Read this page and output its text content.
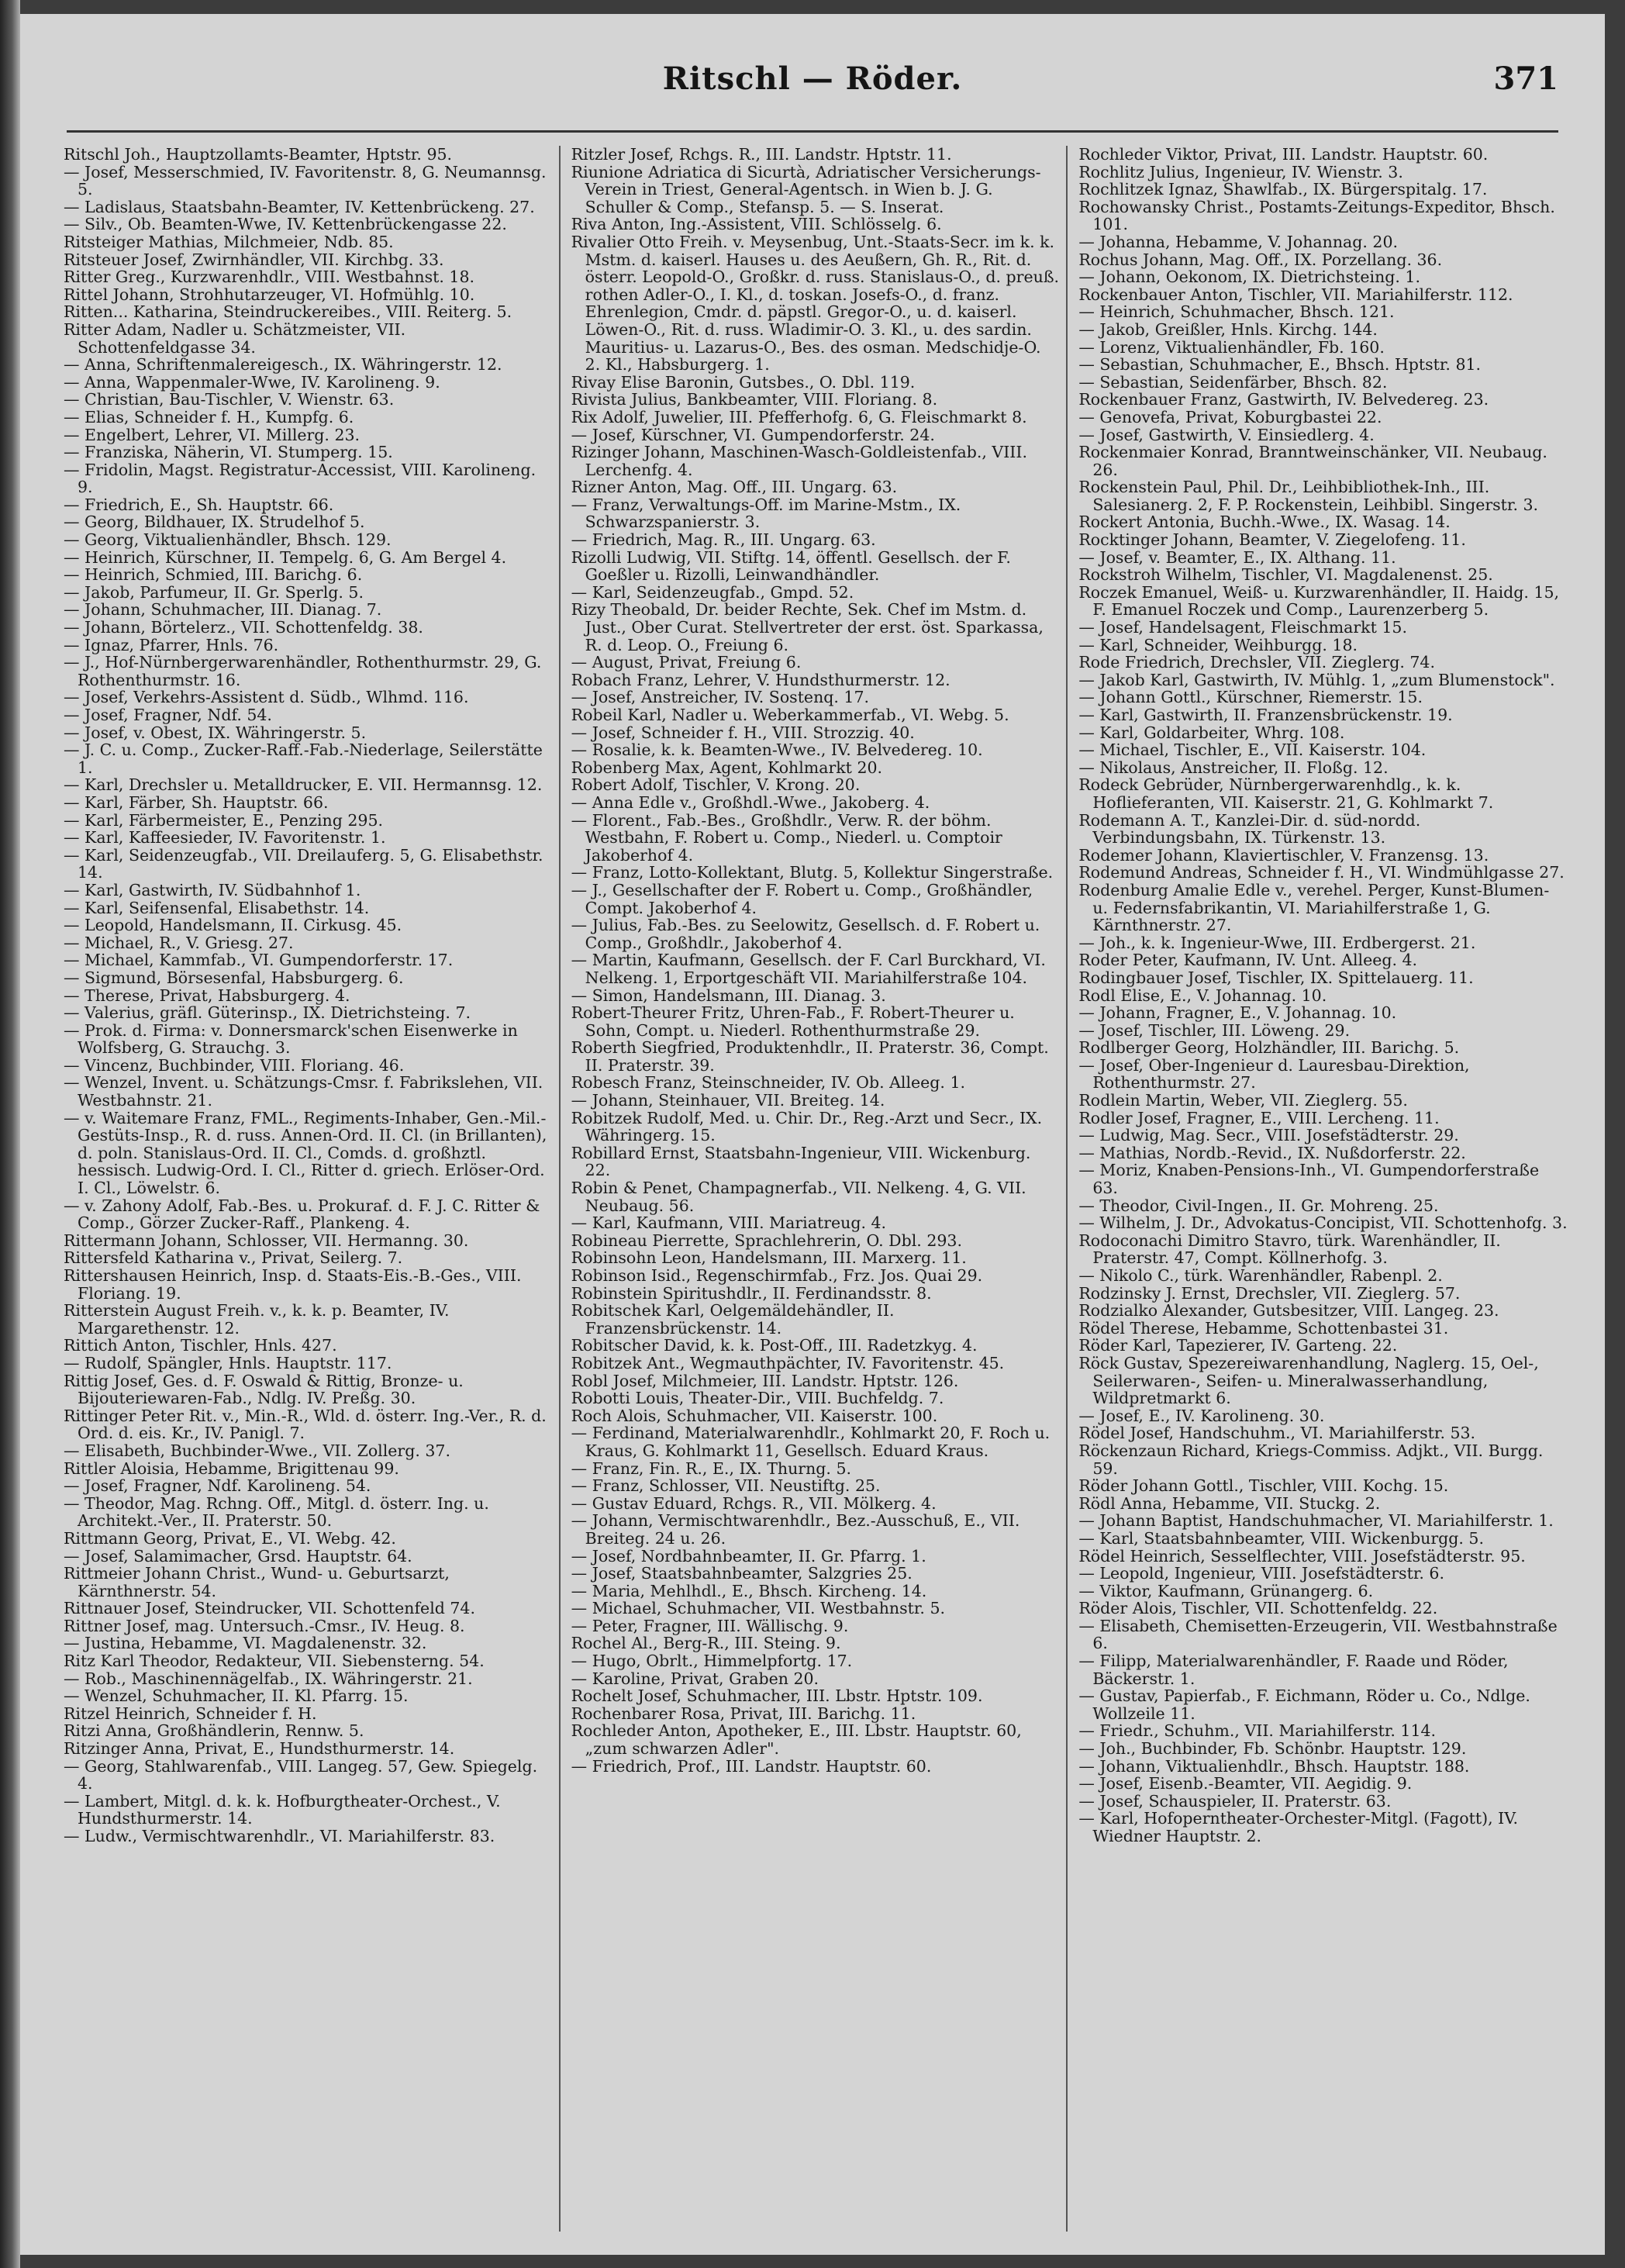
Ritschl — Röder.	371

Ritschl Joh., Hauptzollamts-Beamter, Hptstr. 95.

— Josef, Messerschmied, IV. Favoritenstr. 8, G. Neumannsg. 5.

— Ladislaus, Staatsbahn-Beamter, IV. Kettenbrückeng. 27.

— Silv., Ob. Beamten-Wwe, IV. Kettenbrückengasse 22.

Ritsteiger Mathias, Milchmeier, Ndb. 85.

Ritsteuer Josef, Zwirnhändler, VII. Kirchbg. 33.

Ritter Greg., Kurzwarenhdlr., VIII. Westbahnst. 18.

Rittel Johann, Strohhutarzeuger, VI. Hofmühlg. 10.

Ritten... Katharina, Steindruckereibes., VIII. Reiterg. 5.

Ritter Adam, Nadler u. Schätzmeister, VII. Schottenfeldgasse 34.

— Anna, Schriftenmalereigesch., IX. Währingerstr. 12.

— Anna, Wappenmaler-Wwe, IV. Karolineng. 9.

— Christian, Bau-Tischler, V. Wienstr. 63.

— Elias, Schneider f. H., Kumpfg. 6.

— Engelbert, Lehrer, VI. Millerg. 23.

— Franziska, Näherin, VI. Stumperg. 15.

— Fridolin, Magst. Registratur-Accessist, VIII. Karolineng. 9.

— Friedrich, E., Sh. Hauptstr. 66.

— Georg, Bildhauer, IX. Strudelhof 5.

— Georg, Viktualienhändler, Bhsch. 129.

— Heinrich, Kürschner, II. Tempelg. 6, G. Am Bergel 4.

— Heinrich, Schmied, III. Barichg. 6.

— Jakob, Parfumeur, II. Gr. Sperlg. 5.

— Johann, Schuhmacher, III. Dianag. 7.

— Johann, Börtelerz., VII. Schottenfeldg. 38.

— Ignaz, Pfarrer, Hnls. 76.

— J., Hof-Nürnbergerwarenhändler, Rothenthurmstr. 29, G. Rothenthurmstr. 16.

— Josef, Verkehrs-Assistent d. Südb., Wlhmd. 116.

— Josef, Fragner, Ndf. 54.

— Josef, v. Obest, IX. Währingerstr. 5.

— J. C. u. Comp., Zucker-Raff.-Fab.-Niederlage, Seilerstätte 1.

— Karl, Drechsler u. Metalldrucker, E. VII. Hermannsg. 12.

— Karl, Färber, Sh. Hauptstr. 66.

— Karl, Färbermeister, E., Penzing 295.

— Karl, Kaffeesieder, IV. Favoritenstr. 1.

— Karl, Seidenzeugfab., VII. Dreilauferg. 5, G. Elisabethstr. 14.

— Karl, Gastwirth, IV. Südbahnhof 1.

— Karl, Seifensenfal, Elisabethstr. 14.

— Leopold, Handelsmann, II. Cirkusg. 45.

— Michael, R., V. Griesg. 27.

— Michael, Kammfab., VI. Gumpendorferstr. 17.

— Sigmund, Börsesenfal, Habsburgerg. 6.

— Therese, Privat, Habsburgerg. 4.

— Valerius, gräfl. Güterinsp., IX. Dietrichsteing. 7.

— Prok. d. Firma: v. Donnersmarck'schen Eisenwerke in Wolfsberg, G. Strauchg. 3.

— Vincenz, Buchbinder, VIII. Floriang. 46.

— Wenzel, Invent. u. Schätzungs-Cmsr. f. Fabrikslehen, VII. Westbahnstr. 21.

— v. Waitemare Franz, FML., Regiments-Inhaber, Gen.-Mil.-Gestüts-Insp., R. d. russ. Annen-Ord. II. Cl. (in Brillanten), d. poln. Stanislaus-Ord. II. Cl., Comds. d. großhztl. hessisch. Ludwig-Ord. I. Cl., Ritter d. griech. Erlöser-Ord. I. Cl., Löwelstr. 6.

— v. Zahony Adolf, Fab.-Bes. u. Prokuraf. d. F. J. C. Ritter & Comp., Görzer Zucker-Raff., Plankeng. 4.

Rittermann Johann, Schlosser, VII. Hermanng. 30.

Rittersfeld Katharina v., Privat, Seilerg. 7.

Rittershausen Heinrich, Insp. d. Staats-Eis.-B.-Ges., VIII. Floriang. 19.

Ritterstein August Freih. v., k. k. p. Beamter, IV. Margarethenstr. 12.

Rittich Anton, Tischler, Hnls. 427.

— Rudolf, Spängler, Hnls. Hauptstr. 117.

Rittig Josef, Ges. d. F. Oswald & Rittig, Bronze- u. Bijouteriewaren-Fab., Ndlg. IV. Preßg. 30.

Rittinger Peter Rit. v., Min.-R., Wld. d. österr. Ing.-Ver., R. d. Ord. d. eis. Kr., IV. Panigl. 7.

— Elisabeth, Buchbinder-Wwe., VII. Zollerg. 37.

Rittler Aloisia, Hebamme, Brigittenau 99.

— Josef, Fragner, Ndf. Karolineng. 54.

— Theodor, Mag. Rchng. Off., Mitgl. d. österr. Ing. u. Architekt.-Ver., II. Praterstr. 50.

Rittmann Georg, Privat, E., VI. Webg. 42.

— Josef, Salamimacher, Grsd. Hauptstr. 64.

Rittmeier Johann Christ., Wund- u. Geburtsarzt, Kärnthnerstr. 54.

Rittnauer Josef, Steindrucker, VII. Schottenfeld 74.

Rittner Josef, mag. Untersuch.-Cmsr., IV. Heug. 8.

— Justina, Hebamme, VI. Magdalenenstr. 32.

Ritz Karl Theodor, Redakteur, VII. Siebensterng. 54.

— Rob., Maschinennägelfab., IX. Währingerstr. 21.

— Wenzel, Schuhmacher, II. Kl. Pfarrg. 15.

Ritzel Heinrich, Schneider f. H.

Ritzi Anna, Großhändlerin, Rennw. 5.

Ritzinger Anna, Privat, E., Hundsthurmerstr. 14.

— Georg, Stahlwarenfab., VIII. Langeg. 57, Gew. Spiegelg. 4.

— Lambert, Mitgl. d. k. k. Hofburgtheater-Orchest., V. Hundsthurmerstr. 14.

— Ludw., Vermischtwarenhdlr., VI. Mariahilferstr. 83.

Ritzler Josef, Rchgs. R., III. Landstr. Hptstr. 11.

Riunione Adriatica di Sicurtà, Adriatischer Versicherungs-Verein in Triest, General-Agentsch. in Wien b. J. G. Schuller & Comp., Stefansp. 5. — S. Inserat.

Riva Anton, Ing.-Assistent, VIII. Schlösselg. 6.

Rivalier Otto Freih. v. Meysenbug, Unt.-Staats-Secr. im k. k. Mstm. d. kaiserl. Hauses u. des Aeußern, Gh. R., Rit. d. österr. Leopold-O., Großkr. d. russ. Stanislaus-O., d. preuß. rothen Adler-O., I. Kl., d. toskan. Josefs-O., d. franz. Ehrenlegion, Cmdr. d. päpstl. Gregor-O., u. d. kaiserl. Löwen-O., Rit. d. russ. Wladimir-O. 3. Kl., u. des sardin. Mauritius- u. Lazarus-O., Bes. des osman. Medschidje-O. 2. Kl., Habsburgerg. 1.

Rivay Elise Baronin, Gutsbes., O. Dbl. 119.

Rivista Julius, Bankbeamter, VIII. Floriang. 8.

Rix Adolf, Juwelier, III. Pfefferhofg. 6, G. Fleischmarkt 8.

— Josef, Kürschner, VI. Gumpendorferstr. 24.

Rizinger Johann, Maschinen-Wasch-Goldleistenfab., VIII. Lerchenfg. 4.

Rizner Anton, Mag. Off., III. Ungarg. 63.

— Franz, Verwaltungs-Off. im Marine-Mstm., IX. Schwarzspanierstr. 3.

— Friedrich, Mag. R., III. Ungarg. 63.

Rizolli Ludwig, VII. Stiftg. 14, öffentl. Gesellsch. der F. Goeßler u. Rizolli, Leinwandhändler.

— Karl, Seidenzeugfab., Gmpd. 52.

Rizy Theobald, Dr. beider Rechte, Sek. Chef im Mstm. d. Just., Ober Curat. Stellvertreter der erst. öst. Sparkassa, R. d. Leop. O., Freiung 6.

— August, Privat, Freiung 6.

Robach Franz, Lehrer, V. Hundsthurmerstr. 12.

— Josef, Anstreicher, IV. Sostenq. 17.

Robeil Karl, Nadler u. Weberkammerfab., VI. Webg. 5.

— Josef, Schneider f. H., VIII. Strozzig. 40.

— Rosalie, k. k. Beamten-Wwe., IV. Belvedereg. 10.

Robenberg Max, Agent, Kohlmarkt 20.

Robert Adolf, Tischler, V. Krong. 20.

— Anna Edle v., Großhdl.-Wwe., Jakoberg. 4.

— Florent., Fab.-Bes., Großhdlr., Verw. R. der böhm. Westbahn, F. Robert u. Comp., Niederl. u. Comptoir Jakoberhof 4.

— Franz, Lotto-Kollektant, Blutg. 5, Kollektur Singerstraße.

— J., Gesellschafter der F. Robert u. Comp., Großhändler, Compt. Jakoberhof 4.

— Julius, Fab.-Bes. zu Seelowitz, Gesellsch. d. F. Robert u. Comp., Großhdlr., Jakoberhof 4.

— Martin, Kaufmann, Gesellsch. der F. Carl Burckhard, VI. Nelkeng. 1, Erportgeschäft VII. Mariahilferstraße 104.

— Simon, Handelsmann, III. Dianag. 3.

Robert-Theurer Fritz, Uhren-Fab., F. Robert-Theurer u. Sohn, Compt. u. Niederl. Rothenthurmstraße 29.

Roberth Siegfried, Produktenhdlr., II. Praterstr. 36, Compt. II. Praterstr. 39.

Robesch Franz, Steinschneider, IV. Ob. Alleeg. 1.

— Johann, Steinhauer, VII. Breiteg. 14.

Robitzek Rudolf, Med. u. Chir. Dr., Reg.-Arzt und Secr., IX. Währingerg. 15.

Robillard Ernst, Staatsbahn-Ingenieur, VIII. Wickenburg. 22.

Robin & Penet, Champagnerfab., VII. Nelkeng. 4, G. VII. Neubaug. 56.

— Karl, Kaufmann, VIII. Mariatreug. 4.

Robineau Pierrette, Sprachlehrerin, O. Dbl. 293.

Robinsohn Leon, Handelsmann, III. Marxerg. 11.

Robinson Isid., Regenschirmfab., Frz. Jos. Quai 29.

Robinstein Spiritushdlr., II. Ferdinandsstr. 8.

Robitschek Karl, Oelgemäldehändler, II. Franzensbrückenstr. 14.

Robitscher David, k. k. Post-Off., III. Radetzkyg. 4.

Robitzek Ant., Wegmauthpächter, IV. Favoritenstr. 45.

Robl Josef, Milchmeier, III. Landstr. Hptstr. 126.

Robotti Louis, Theater-Dir., VIII. Buchfeldg. 7.

Roch Alois, Schuhmacher, VII. Kaiserstr. 100.

— Ferdinand, Materialwarenhdlr., Kohlmarkt 20, F. Roch u. Kraus, G. Kohlmarkt 11, Gesellsch. Eduard Kraus.

— Franz, Fin. R., E., IX. Thurng. 5.

— Franz, Schlosser, VII. Neustiftg. 25.

— Gustav Eduard, Rchgs. R., VII. Mölkerg. 4.

— Johann, Vermischtwarenhdlr., Bez.-Ausschuß, E., VII. Breiteg. 24 u. 26.

— Josef, Nordbahnbeamter, II. Gr. Pfarrg. 1.

— Josef, Staatsbahnbeamter, Salzgries 25.

— Maria, Mehlhdl., E., Bhsch. Kircheng. 14.

— Michael, Schuhmacher, VII. Westbahnstr. 5.

— Peter, Fragner, III. Wällischg. 9.

Rochel Al., Berg-R., III. Steing. 9.

— Hugo, Obrlt., Himmelpfortg. 17.

— Karoline, Privat, Graben 20.

Rochelt Josef, Schuhmacher, III. Lbstr. Hptstr. 109.

Rochenbarer Rosa, Privat, III. Barichg. 11.

Rochleder Anton, Apotheker, E., III. Lbstr. Hauptstr. 60, „zum schwarzen Adler".

— Friedrich, Prof., III. Landstr. Hauptstr. 60.

Rochleder Viktor, Privat, III. Landstr. Hauptstr. 60.

Rochlitz Julius, Ingenieur, IV. Wienstr. 3.

Rochlitzek Ignaz, Shawlfab., IX. Bürgerspitalg. 17.

Rochowansky Christ., Postamts-Zeitungs-Expeditor, Bhsch. 101.

— Johanna, Hebamme, V. Johannag. 20.

Rochus Johann, Mag. Off., IX. Porzellang. 36.

— Johann, Oekonom, IX. Dietrichsteing. 1.

Rockenbauer Anton, Tischler, VII. Mariahilferstr. 112.

— Heinrich, Schuhmacher, Bhsch. 121.

— Jakob, Greißler, Hnls. Kirchg. 144.

— Lorenz, Viktualienhändler, Fb. 160.

— Sebastian, Schuhmacher, E., Bhsch. Hptstr. 81.

— Sebastian, Seidenfärber, Bhsch. 82.

Rockenbauer Franz, Gastwirth, IV. Belvedereg. 23.

— Genovefa, Privat, Koburgbastei 22.

— Josef, Gastwirth, V. Einsiedlerg. 4.

Rockenmaier Konrad, Branntweinschänker, VII. Neubaug. 26.

Rockenstein Paul, Phil. Dr., Leihbibliothek-Inh., III. Salesianerg. 2, F. P. Rockenstein, Leihbibl. Singerstr. 3.

Rockert Antonia, Buchh.-Wwe., IX. Wasag. 14.

Rocktinger Johann, Beamter, V. Ziegelofeng. 11.

— Josef, v. Beamter, E., IX. Althang. 11.

Rockstroh Wilhelm, Tischler, VI. Magdalenenst. 25.

Roczek Emanuel, Weiß- u. Kurzwarenhändler, II. Haidg. 15, F. Emanuel Roczek und Comp., Laurenzerberg 5.

— Josef, Handelsagent, Fleischmarkt 15.

— Karl, Schneider, Weihburgg. 18.

Rode Friedrich, Drechsler, VII. Zieglerg. 74.

— Jakob Karl, Gastwirth, IV. Mühlg. 1, „zum Blumenstock".

— Johann Gottl., Kürschner, Riemerstr. 15.

— Karl, Gastwirth, II. Franzensbrückenstr. 19.

— Karl, Goldarbeiter, Whrg. 108.

— Michael, Tischler, E., VII. Kaiserstr. 104.

— Nikolaus, Anstreicher, II. Floßg. 12.

Rodeck Gebrüder, Nürnbergerwarenhdlg., k. k. Hoflieferanten, VII. Kaiserstr. 21, G. Kohlmarkt 7.

Rodemann A. T., Kanzlei-Dir. d. süd-nordd. Verbindungsbahn, IX. Türkenstr. 13.

Rodemer Johann, Klaviertischler, V. Franzensg. 13.

Rodemund Andreas, Schneider f. H., VI. Windmühlgasse 27.

Rodenburg Amalie Edle v., verehel. Perger, Kunst-Blumen- u. Federnsfabrikantin, VI. Mariahilferstraße 1, G. Kärnthnerstr. 27.

— Joh., k. k. Ingenieur-Wwe, III. Erdbergerst. 21.

Roder Peter, Kaufmann, IV. Unt. Alleeg. 4.

Rodingbauer Josef, Tischler, IX. Spittelauerg. 11.

Rodl Elise, E., V. Johannag. 10.

— Johann, Fragner, E., V. Johannag. 10.

— Josef, Tischler, III. Löweng. 29.

Rodlberger Georg, Holzhändler, III. Barichg. 5.

— Josef, Ober-Ingenieur d. Lauresbau-Direktion, Rothenthurmstr. 27.

Rodlein Martin, Weber, VII. Zieglerg. 55.

Rodler Josef, Fragner, E., VIII. Lercheng. 11.

— Ludwig, Mag. Secr., VIII. Josefstädterstr. 29.

— Mathias, Nordb.-Revid., IX. Nußdorferstr. 22.

— Moriz, Knaben-Pensions-Inh., VI. Gumpendorferstraße 63.

— Theodor, Civil-Ingen., II. Gr. Mohreng. 25.

— Wilhelm, J. Dr., Advokatus-Concipist, VII. Schottenhofg. 3.

Rodoconachi Dimitro Stavro, türk. Warenhändler, II. Praterstr. 47, Compt. Köllnerhofg. 3.

— Nikolo C., türk. Warenhändler, Rabenpl. 2.

Rodzinsky J. Ernst, Drechsler, VII. Zieglerg. 57.

Rodzialko Alexander, Gutsbesitzer, VIII. Langeg. 23.

Rödel Therese, Hebamme, Schottenbastei 31.

Röder Karl, Tapezierer, IV. Garteng. 22.

Röck Gustav, Spezereiwarenhandlung, Naglerg. 15, Oel-, Seilerwaren-, Seifen- u. Mineralwasserhandlung, Wildpretmarkt 6.

— Josef, E., IV. Karolineng. 30.

Rödel Josef, Handschuhm., VI. Mariahilferstr. 53.

Röckenzaun Richard, Kriegs-Commiss. Adjkt., VII. Burgg. 59.

Röder Johann Gottl., Tischler, VIII. Kochg. 15.

Rödl Anna, Hebamme, VII. Stuckg. 2.

— Johann Baptist, Handschuhmacher, VI. Mariahilferstr. 1.

— Karl, Staatsbahnbeamter, VIII. Wickenburgg. 5.

Rödel Heinrich, Sesselflechter, VIII. Josefstädterstr. 95.

— Leopold, Ingenieur, VIII. Josefstädterstr. 6.

— Viktor, Kaufmann, Grünangerg. 6.

Röder Alois, Tischler, VII. Schottenfeldg. 22.

— Elisabeth, Chemisetten-Erzeugerin, VII. Westbahnstraße 6.

— Filipp, Materialwarenhändler, F. Raade und Röder, Bäckerstr. 1.

— Gustav, Papierfab., F. Eichmann, Röder u. Co., Ndlge. Wollzeile 11.

— Friedr., Schuhm., VII. Mariahilferstr. 114.

— Joh., Buchbinder, Fb. Schönbr. Hauptstr. 129.

— Johann, Viktualienhdlr., Bhsch. Hauptstr. 188.

— Josef, Eisenb.-Beamter, VII. Aegidig. 9.

— Josef, Schauspieler, II. Praterstr. 63.

— Karl, Hofoperntheater-Orchester-Mitgl. (Fagott), IV. Wiedner Hauptstr. 2.
